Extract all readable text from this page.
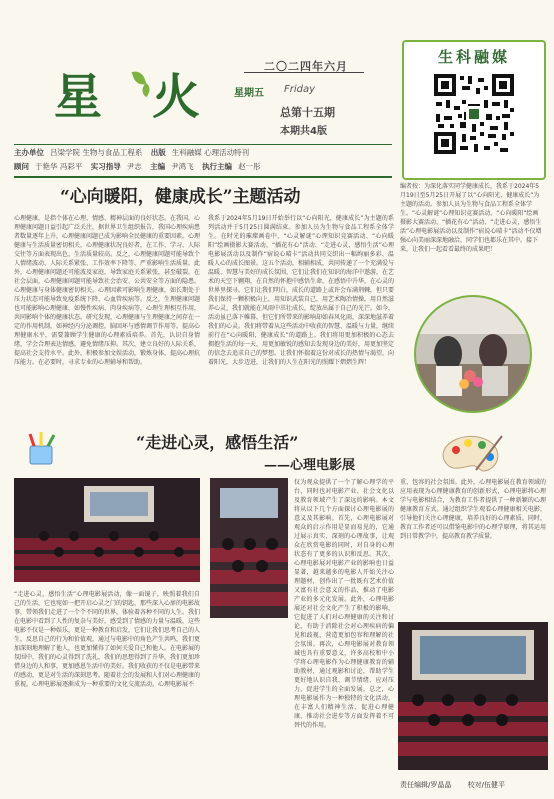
星 火
二〇二四年六月
星期五 Friday
总第十五期
本期共4版
生科融媒
主办单位 吕梁学院 生物与食品工程系 出版 生科融媒 心理活动特刊
顾问 于艳华 冯彩平 实习指导 尹志 主编 尹鸿飞 执行主编 赵一彤
“心向暖阳，健康成长”主题活动
心理健康，是指个体在心理、情感、精神层面的良好状态。在我国，心理健康问题日益引起广泛关注，据世界卫生组织报告，我国心理疾病患者数量逐年上升，心理健康问题已成为影响全民健康的重要因素。心理健康与生活质量密切相关，心理健康状况良好者，在工作、学习、人际交往等方面表现出色，生活质量较高。反之，心理健康问题可能导致个人情绪波动、人际关系紧张、工作效率下降等，严重影响生活质量。此外，心理健康问题还可能波及家庭，导致家庭关系紧张，甚至破裂。在社会层面，心理健康问题可能导致社会治安、公共安全等方面的隐患。心理健康与身体健康密切相关。心理因素可影响生理健康，如长期处于压力状态可能导致免疫系统下降、心血管疾病等。反之，生理健康问题也可能影响心理健康，如慢性疾病、肉身疾病等，心理生理相互作用，共同影响个体的健康状态。研究发现，心理健康与生理健康之间存在一定的作用机制，如神经内分泌调控，脑回环与感情调节作用等。提高心理健康水平，需要兼顾学生健康的心理素质培养。首先，认识自身情绪，学会合理表达情感，避免情绪压抑。其次，建立良好的人际关系，提高社会支持水平。此外，积极参加文娱活动，锻炼身体，提高心理抗压能力。在必要时，寻求专业的心理辅导和帮助。
我系于2024年5月19日开始举行以“心向阳光，健康成长”为主题的系列活动并于5月25日圆满结束。参加人员为生物与食品工程系全体学生。在时光的璀璨画卷中，“心灵解谜”心理知识竞赛活动、“心向暖阳”绘画摄影大赛活动、“插花有心”活动、“走进心灵，感悟生活”心理电影展活动以及制作“宿说心晴卡”活动共同交织出一幅绚丽多彩、温暖人心的成长图景。这五个活动，相辅相成，共同传递了一个充满爱与温暖、智慧与美好的成长氛围，它们让我们在知识的海洋中遨游，在艺术的天空下翱翔，在自然的怀抱中感悟生命，在感悟中升华，在心灵的世界里探寻。它们让我们明白，成长的道路上或许会布满荆棘，但只要我们保持一颗积极向上，用知识武装自己，用艺术陶冶情操，用自然滋养心灵，我们就能在风雨中茁壮成长，绽放出属于自己的光芒。如今，活动虽已落下帷幕，但它们所带来的影响却如春风化雨，深深地滋养着我们的心灵。我们将带着从这些活动中收获的智慧、温暖与力量，继续前行在“心向暖阳，健康成长”的道路上。我们将用更加积极的心态去拥抱生活的每一天，用更加敏锐的感知去发现身边的美好，用更加坚定的信念去追求自己的梦想。让我们怀揣着这份对成长的热情与渴望，向着阳光，大步迈进，让我们的人生在阳光的照耀下熠熠生辉！
编者按：为深化落实同学健康成长，我系于2024年5月19日至5月25日开展了以“心向阳光，健康成长”为主题的活动。参加人员为生物与食品工程系全体学生。“心灵解谜”心理知识竞赛活动、“心向暖阳”绘画摄影大赛活动、“插花有心”活动、“走进心灵，感悟生活”心理电影展活动以及制作“宿说心晴卡”活动不仅增强心向美丽深深地融洽，同学们也都乐在其中。接下来，让我们一起看看最终的成果吧！
“走进心灵，感悟生活”
——心理电影展
“走进心灵，感悟生活”心理电影展活动，像一面镜子，映照着我们自己的生活，它也宛如一把开启心灵之门的钥匙，那些深入心扉的电影故事，带领我们走进了一个个不同的世界，体验着各种不同的人生。我们在电影中看到了人性的复杂与美好，感受到了情感的力量与温暖，这些电影不仅是一种娱乐，更是一种教育和启发，它们让我们思考自己的人生，反思自己的行为和价值观，通过与电影中的角色产生共鸣，我们更加深刻地理解了他人，也更加懂得了如何关爱自己和他人。在电影展的氛围中，我们的心灵得到了洗礼，我们的思想得到了升华，我们更加珍惜身边的人和事，更加感恩生活中的美好。我们收获的不仅是电影带来的感动，更是对生活的深刻思考。随着社会的发展和人们对心理健康的重视，心理电影展逐渐成为一种重要的文化交流活动。心理电影展不
仅为观众提供了一个了解心理学的平台，同时也对电影产业、社会文化以及教育领域产生了深远的影响。本文将从以下几个方面探讨心理电影展的意义及其影响。首先，心理电影展对观众的启示作用是显而易见的，它通过展示真实、深刻的心理故事，让观众在欣赏电影的同时，对自身的心理状态有了更多的认识和反思。其次，心理电影展对电影产业的影响也日益显著，越来越多的电影人开始关注心理题材，创作出了一批既有艺术价值又富有社会意义的作品，推动了电影产业的多元化发展。此外，心理电影展还对社会文化产生了积极的影响，它促进了人们对心理健康的关注和讨论，有助于消除社会对心理疾病的偏见和歧视，营造更加包容和理解的社会氛围。再次，心理电影展对教育领域也具有重要意义，许多高校和中小学将心理电影作为心理健康教育的辅助教材，通过观影和讨论，帮助学生更好地认识自我、调节情绪、应对压力，促进学生的全面发展。总之，心理电影展作为一种独特的文化活动，在丰富人们精神生活、促进心理健康、推动社会进步等方面发挥着不可替代的作用。
重，包容的社会氛围。此外，心理电影展在教育领域的应用表现为心理健康教育的创新形式，心理电影将心理学与电影相结合，为教育工作者提供了一种新颖的心理健康教育方式。通过组织学生观看心理健康相关电影，引导他们关注心理健康，培养良好的心理素质。同时，教育工作者还可以借鉴电影中的心理学原理，将其运用到日常教学中，提高教育教学质量。
责任编辑/罗晶晶 校对/伍健平
